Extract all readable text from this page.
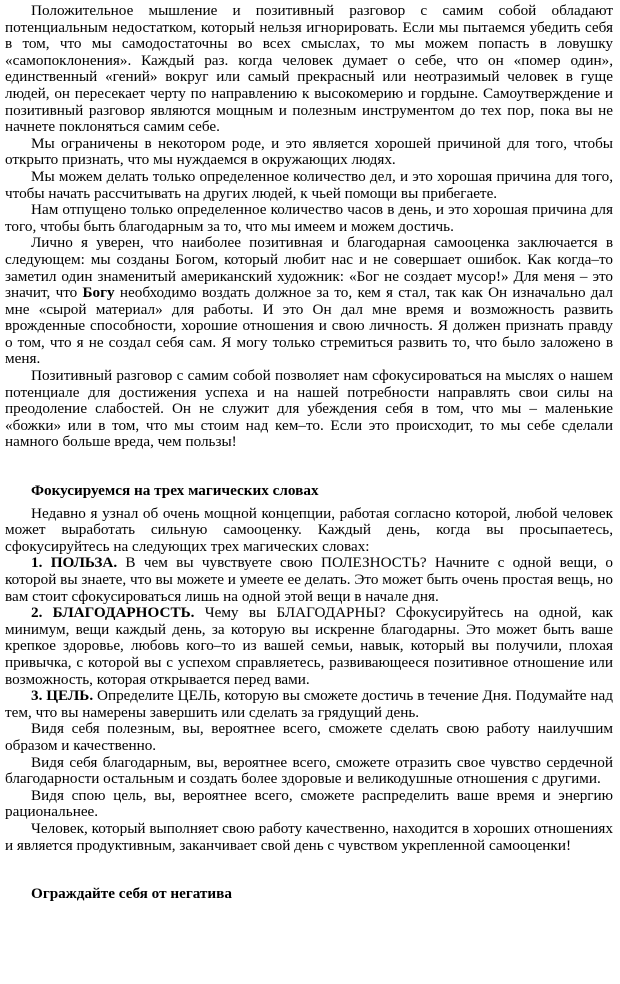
Положительное мышление и позитивный разговор с самим собой обладают потенциальным недостатком, который нельзя игнорировать. Если мы пытаемся убедить себя в том, что мы самодостаточны во всех смыслах, то мы можем попасть в ловушку «самопоклонения». Каждый раз. когда человек думает о себе, что он «помер один», единственный «гений» вокруг или самый прекрасный или неотразимый человек в гуще людей, он пересекает черту по направлению к высокомерию и гордыне. Самоутверждение и позитивный разговор являются мощным и полезным инструментом до тех пор, пока вы не начнете поклоняться самим себе.

Мы ограничены в некотором роде, и это является хорошей причиной для того, чтобы открыто признать, что мы нуждаемся в окружающих людях.

Мы можем делать только определенное количество дел, и это хорошая причина для того, чтобы начать рассчитывать на других людей, к чьей помощи вы прибегаете.

Нам отпущено только определенное количество часов в день, и это хорошая причина для того, чтобы быть благодарным за то, что мы имеем и можем достичь.

Лично я уверен, что наиболее позитивная и благодарная самооценка заключается в следующем: мы созданы Богом, который любит нас и не совершает ошибок. Как когда–то заметил один знаменитый американский художник: «Бог не создает мусор!» Для меня – это значит, что Богу необходимо воздать должное за то, кем я стал, так как Он изначально дал мне «сырой материал» для работы. И это Он дал мне время и возможность развить врожденные способности, хорошие отношения и свою личность. Я должен признать правду о том, что я не создал себя сам. Я могу только стремиться развить то, что было заложено в меня.

Позитивный разговор с самим собой позволяет нам сфокусироваться на мыслях о нашем потенциале для достижения успеха и на нашей потребности направлять свои силы на преодоление слабостей. Он не служит для убеждения себя в том, что мы – маленькие «божки» или в том, что мы стоим над кем–то. Если это происходит, то мы себе сделали намного больше вреда, чем пользы!

Фокусируемся на трех магических словах

Недавно я узнал об очень мощной концепции, работая согласно которой, любой человек может выработать сильную самооценку. Каждый день, когда вы просыпаетесь, сфокусируйтесь на следующих трех магических словах:

1. ПОЛЬЗА. В чем вы чувствуете свою ПОЛЕЗНОСТЬ? Начните с одной вещи, о которой вы знаете, что вы можете и умеете ее делать. Это может быть очень простая вещь, но вам стоит сфокусироваться лишь на одной этой вещи в начале дня.

2. БЛАГОДАРНОСТЬ. Чему вы БЛАГОДАРНЫ? Сфокусируйтесь на одной, как минимум, вещи каждый день, за которую вы искренне благодарны. Это может быть ваше крепкое здоровье, любовь кого–то из вашей семьи, навык, который вы получили, плохая привычка, с которой вы с успехом справляетесь, развивающееся позитивное отношение или возможность, которая открывается перед вами.

3. ЦЕЛЬ. Определите ЦЕЛЬ, которую вы сможете достичь в течение Дня. Подумайте над тем, что вы намерены завершить или сделать за грядущий день.

Видя себя полезным, вы, вероятнее всего, сможете сделать свою работу наилучшим образом и качественно.

Видя себя благодарным, вы, вероятнее всего, сможете отразить свое чувство сердечной благодарности остальным и создать более здоровые и великодушные отношения с другими.

Видя спою цель, вы, вероятнее всего, сможете распределить ваше время и энергию рациональнее.

Человек, который выполняет свою работу качественно, находится в хороших отношениях и является продуктивным, заканчивает свой день с чувством укрепленной самооценки!

Ограждайте себя от негатива
